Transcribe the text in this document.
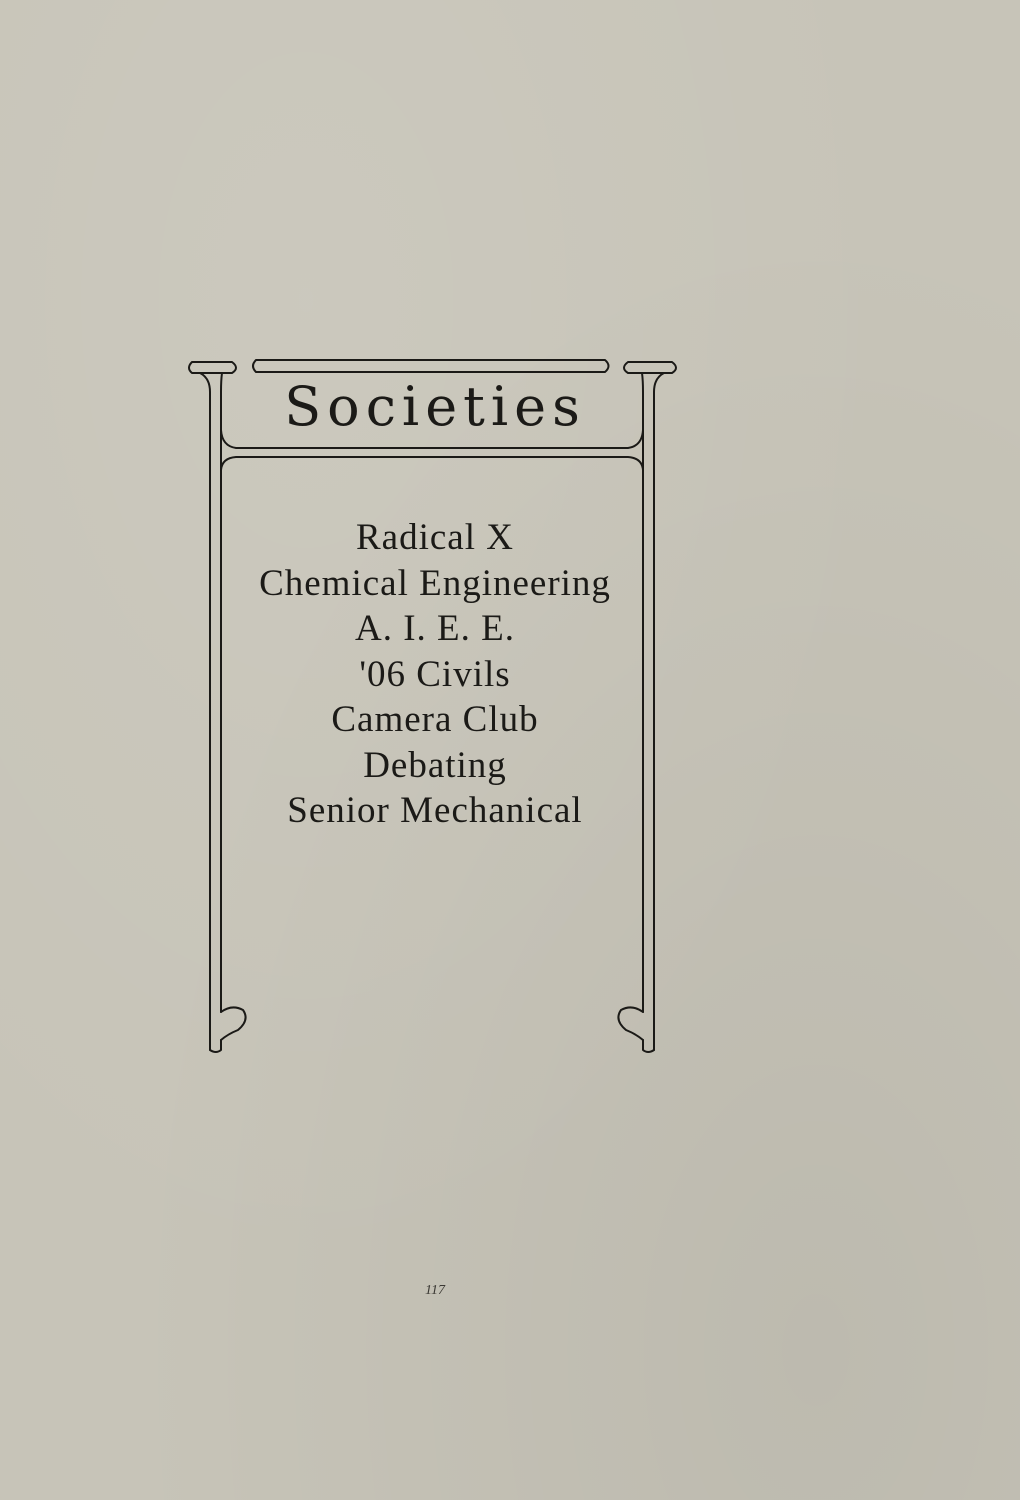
Societies
Radical X
Chemical Engineering
A. I. E. E.
'06 Civils
Camera Club
Debating
Senior Mechanical
117
